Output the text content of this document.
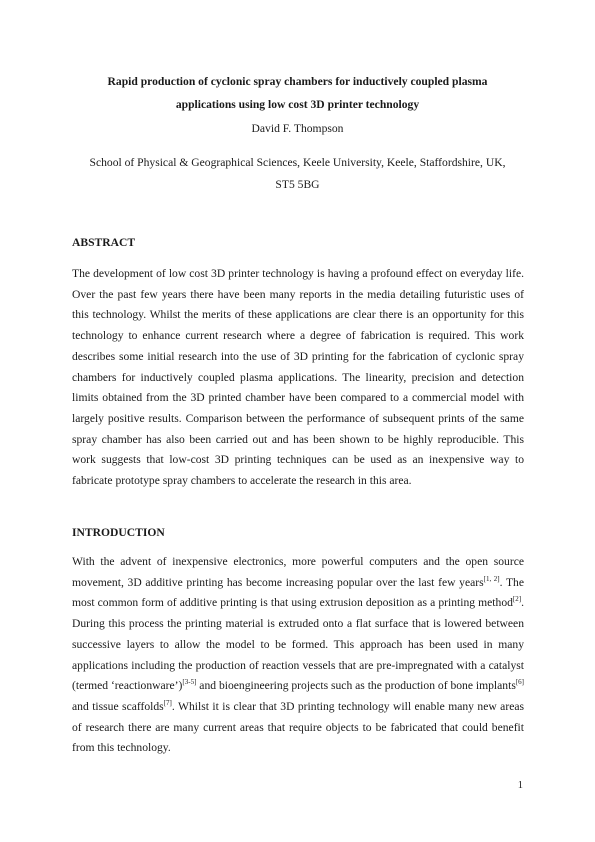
Rapid production of cyclonic spray chambers for inductively coupled plasma
applications using low cost 3D printer technology
David F. Thompson
School of Physical & Geographical Sciences, Keele University, Keele, Staffordshire, UK,
ST5 5BG
ABSTRACT
The development of low cost 3D printer technology is having a profound effect on everyday life. Over the past few years there have been many reports in the media detailing futuristic uses of this technology. Whilst the merits of these applications are clear there is an opportunity for this technology to enhance current research where a degree of fabrication is required. This work describes some initial research into the use of 3D printing for the fabrication of cyclonic spray chambers for inductively coupled plasma applications. The linearity, precision and detection limits obtained from the 3D printed chamber have been compared to a commercial model with largely positive results. Comparison between the performance of subsequent prints of the same spray chamber has also been carried out and has been shown to be highly reproducible. This work suggests that low-cost 3D printing techniques can be used as an inexpensive way to fabricate prototype spray chambers to accelerate the research in this area.
INTRODUCTION
With the advent of inexpensive electronics, more powerful computers and the open source movement, 3D additive printing has become increasing popular over the last few years[1, 2]. The most common form of additive printing is that using extrusion deposition as a printing method[2]. During this process the printing material is extruded onto a flat surface that is lowered between successive layers to allow the model to be formed. This approach has been used in many applications including the production of reaction vessels that are pre-impregnated with a catalyst (termed ‘reactionware’)[3-5] and bioengineering projects such as the production of bone implants[6] and tissue scaffolds[7]. Whilst it is clear that 3D printing technology will enable many new areas of research there are many current areas that require objects to be fabricated that could benefit from this technology.
1
